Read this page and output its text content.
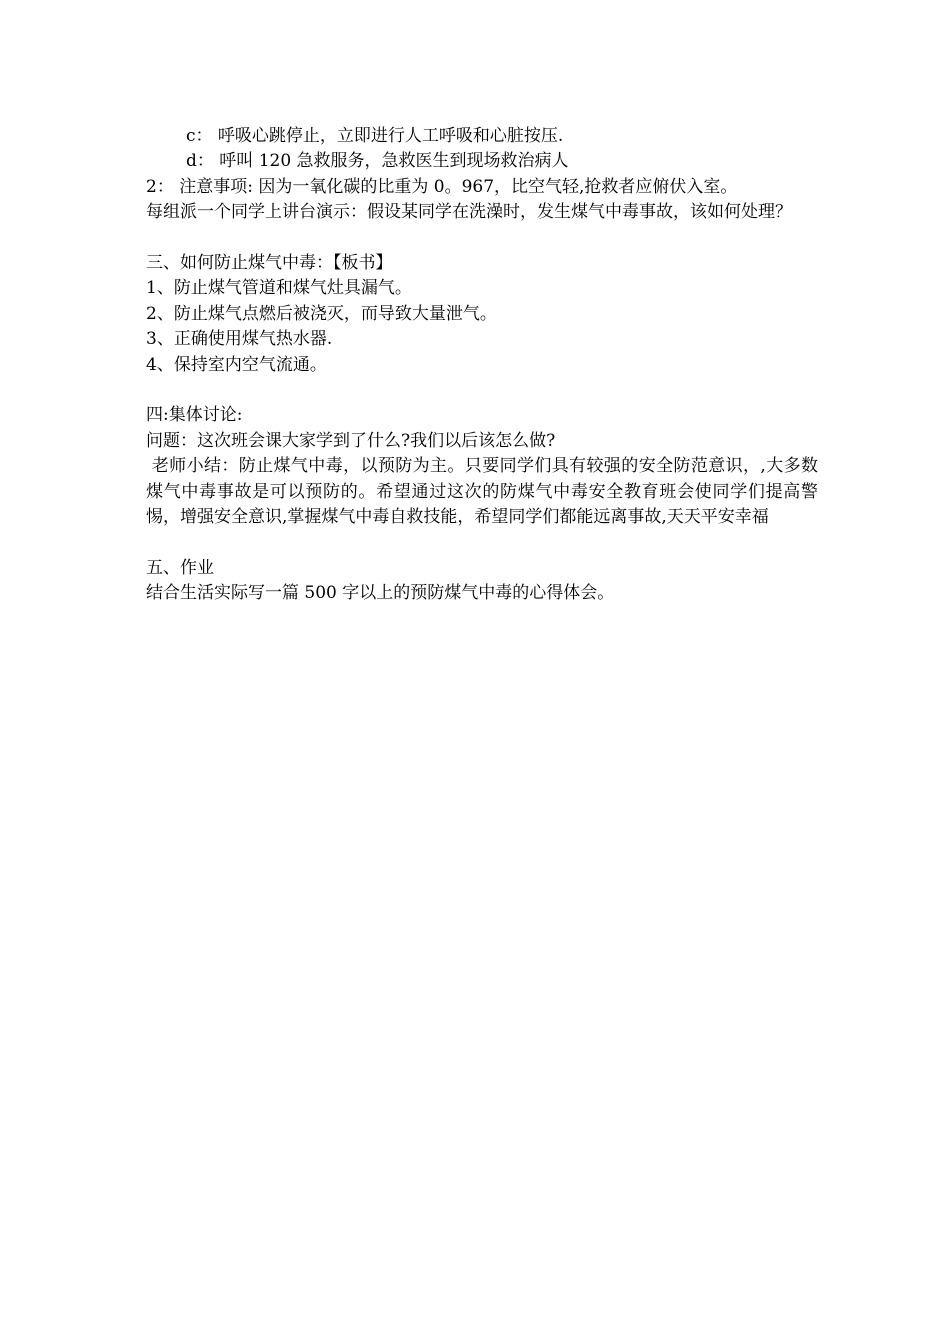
c： 呼吸心跳停止，立即进行人工呼吸和心脏按压.

d： 呼叫 120 急救服务，急救医生到现场救治病人

2： 注意事项: 因为一氧化碳的比重为 0。967，比空气轻,抢救者应俯伏入室。

每组派一个同学上讲台演示：假设某同学在洗澡时，发生煤气中毒事故，该如何处理？

三、如何防止煤气中毒：【板书】

1、防止煤气管道和煤气灶具漏气。

2、防止煤气点燃后被浇灭，而导致大量泄气。

3、正确使用煤气热水器.

4、保持室内空气流通。

四:集体讨论:

问题：这次班会课大家学到了什么?我们以后该怎么做?

老师小结：防止煤气中毒，以预防为主。只要同学们具有较强的安全防范意识，,大多数煤气中毒事故是可以预防的。希望通过这次的防煤气中毒安全教育班会使同学们提高警惕，增强安全意识,掌握煤气中毒自救技能，希望同学们都能远离事故,天天平安幸福

五、作业

结合生活实际写一篇 500 字以上的预防煤气中毒的心得体会。
